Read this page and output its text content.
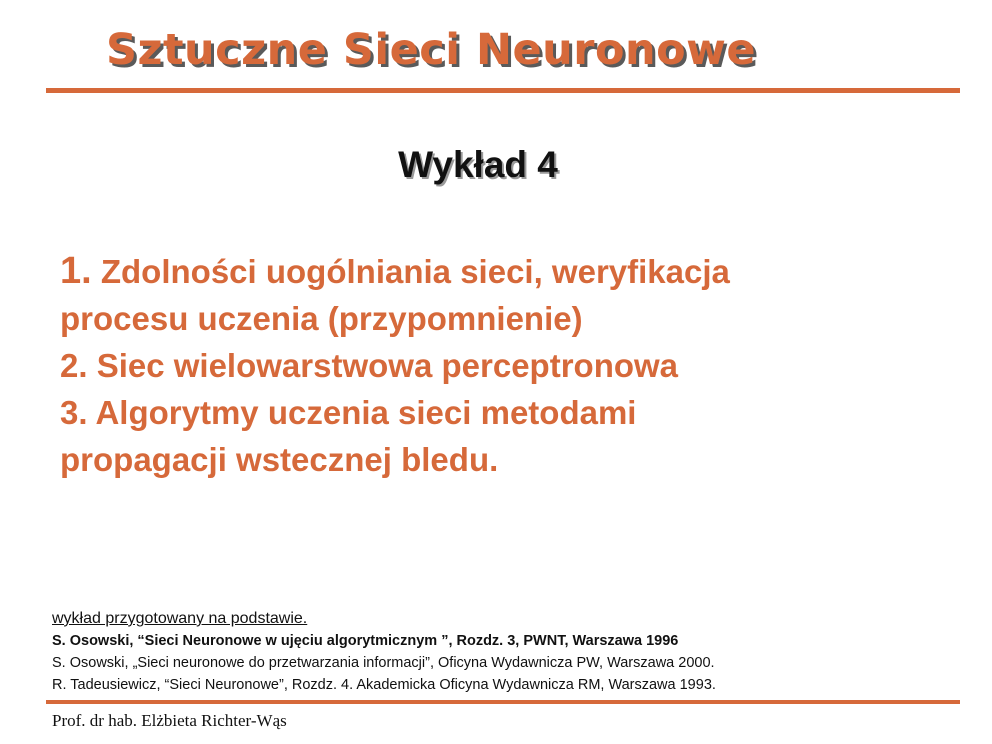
Sztuczne Sieci Neuronowe
Wykład 4
1. Zdolności uogólniania sieci, weryfikacja
procesu uczenia (przypomnienie)
2. Siec wielowarstwowa perceptronowa
3. Algorytmy uczenia sieci metodami
propagacji wstecznej bledu.
wykład przygotowany na podstawie.
S. Osowski, “Sieci Neuronowe w ujęciu algorytmicznym ”, Rozdz. 3, PWNT, Warszawa 1996
S. Osowski, „Sieci neuronowe do przetwarzania informacji”, Oficyna Wydawnicza PW, Warszawa 2000.
R. Tadeusiewicz, “Sieci Neuronowe”, Rozdz. 4. Akademicka Oficyna Wydawnicza RM, Warszawa 1993.
Prof. dr hab. Elżbieta Richter-Wąs
